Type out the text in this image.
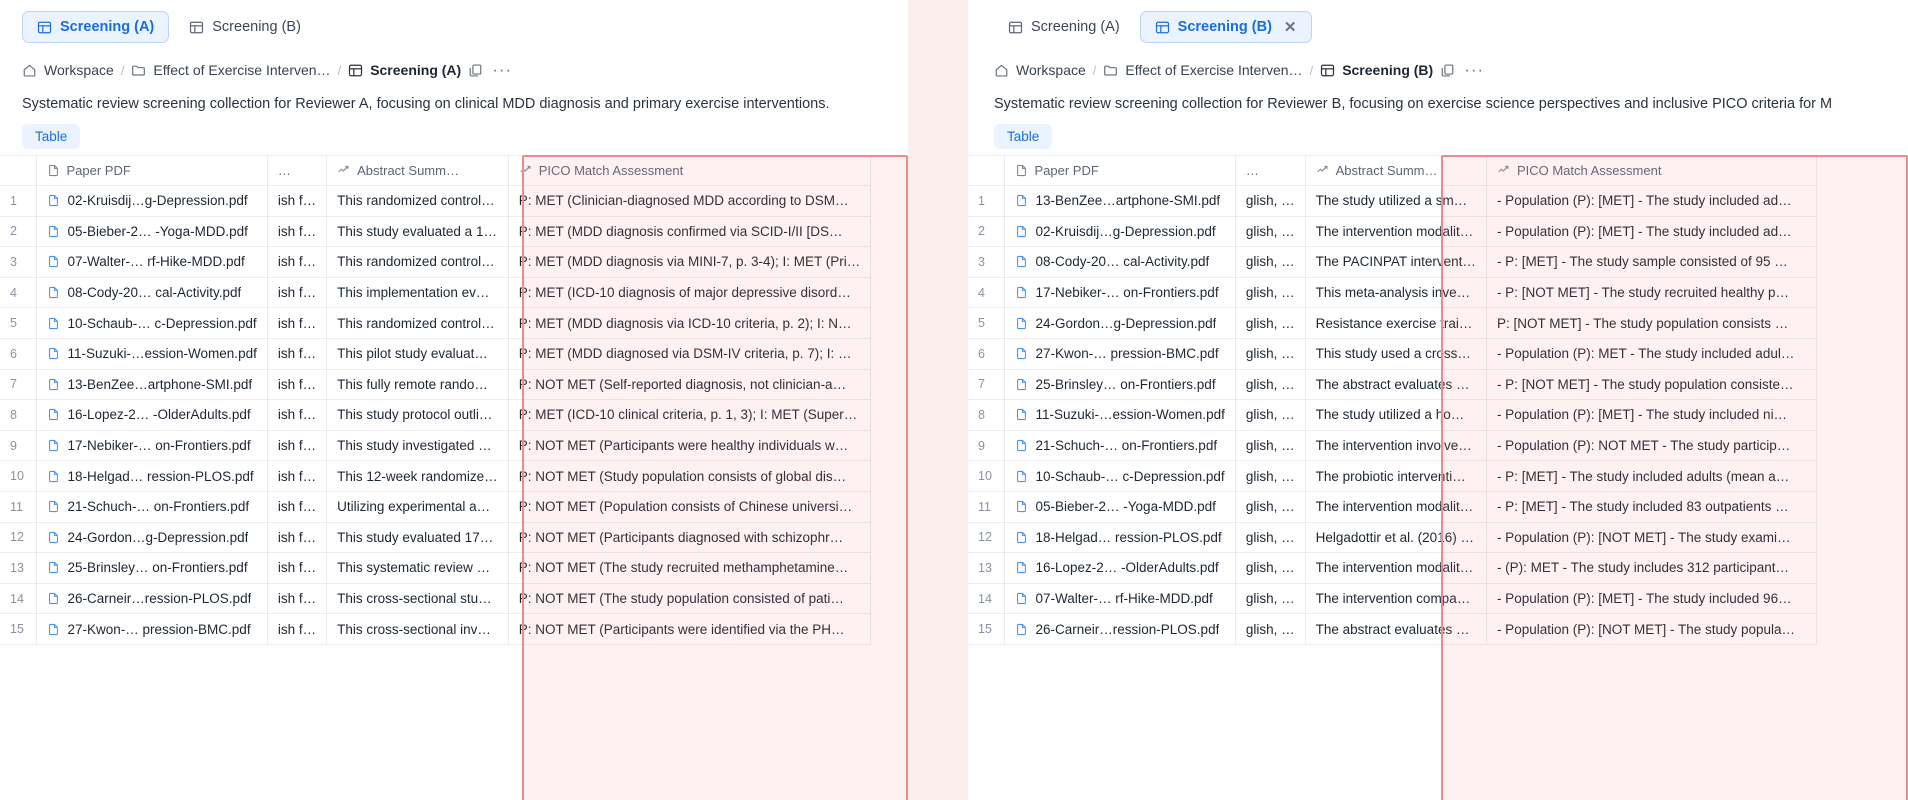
Screening (A)	Screening (B)
Workspace / Effect of Exercise Interven… / Screening (A) ···
Systematic review screening collection for Reviewer A, focusing on clinical MDD diagnosis and primary exercise interventions.
Table

	Paper PDF	…	Abstract Summ…	PICO Match Assessment

1	02-Kruisdij…g-Depression.pdf	ish f…	This randomized control…	P: MET (Clinician-diagnosed MDD according to DSM…
2	05-Bieber-2… -Yoga-MDD.pdf	ish f…	This study evaluated a 1…	P: MET (MDD diagnosis confirmed via SCID-I/II [DS…
3	07-Walter-… rf-Hike-MDD.pdf	ish f…	This randomized control…	P: MET (MDD diagnosis via MINI-7, p. 3-4); I: MET (Pri…
4	08-Cody-20… cal-Activity.pdf	ish f…	This implementation ev…	P: MET (ICD-10 diagnosis of major depressive disord…
5	10-Schaub-… c-Depression.pdf	ish f…	This randomized control…	P: MET (MDD diagnosis via ICD-10 criteria, p. 2); I: N…
6	11-Suzuki-…ession-Women.pdf	ish f…	This pilot study evaluat…	P: MET (MDD diagnosed via DSM-IV criteria, p. 7); I: …
7	13-BenZee…artphone-SMI.pdf	ish f…	This fully remote rando…	P: NOT MET (Self-reported diagnosis, not clinician-a…
8	16-Lopez-2… -OlderAdults.pdf	ish f…	This study protocol outli…	P: MET (ICD-10 clinical criteria, p. 1, 3); I: MET (Super…
9	17-Nebiker-… on-Frontiers.pdf	ish f…	This study investigated …	P: NOT MET (Participants were healthy individuals w…
10	18-Helgad… ression-PLOS.pdf	ish f…	This 12-week randomize…	P: NOT MET (Study population consists of global dis…
11	21-Schuch-… on-Frontiers.pdf	ish f…	Utilizing experimental a…	P: NOT MET (Population consists of Chinese universi…
12	24-Gordon…g-Depression.pdf	ish f…	This study evaluated 17…	P: NOT MET (Participants diagnosed with schizophr…
13	25-Brinsley… on-Frontiers.pdf	ish f…	This systematic review …	P: NOT MET (The study recruited methamphetamine…
14	26-Carneir…ression-PLOS.pdf	ish f…	This cross-sectional stu…	P: NOT MET (The study population consisted of pati…
15	27-Kwon-… pression-BMC.pdf	ish f…	This cross-sectional inv…	P: NOT MET (Participants were identified via the PH…
Screening (A)	Screening (B) ✕
Workspace / Effect of Exercise Interven… / Screening (B) ···
Systematic review screening collection for Reviewer B, focusing on exercise science perspectives and inclusive PICO criteria for M
Table

	Paper PDF	…	Abstract Summ…	PICO Match Assessment

1	13-BenZee…artphone-SMI.pdf	glish, …	The study utilized a sm…	- Population (P): [MET] - The study included ad…
2	02-Kruisdij…g-Depression.pdf	glish, …	The intervention modalit…	- Population (P): [MET] - The study included ad…
3	08-Cody-20… cal-Activity.pdf	glish, …	The PACINPAT intervent…	- P: [MET] - The study sample consisted of 95 …
4	17-Nebiker-… on-Frontiers.pdf	glish, …	This meta-analysis inve…	- P: [NOT MET] - The study recruited healthy p…
5	24-Gordon…g-Depression.pdf	glish, …	Resistance exercise trai…	P: [NOT MET] - The study population consists …
6	27-Kwon-… pression-BMC.pdf	glish, …	This study used a cross…	- Population (P): MET - The study included adul…
7	25-Brinsley… on-Frontiers.pdf	glish, …	The abstract evaluates …	- P: [NOT MET] - The study population consiste…
8	11-Suzuki-…ession-Women.pdf	glish, …	The study utilized a ho…	- Population (P): [MET] - The study included ni…
9	21-Schuch-… on-Frontiers.pdf	glish, …	The intervention involve…	- Population (P): NOT MET - The study particip…
10	10-Schaub-… c-Depression.pdf	glish, …	The probiotic interventi…	- P: [MET] - The study included adults (mean a…
11	05-Bieber-2… -Yoga-MDD.pdf	glish, …	The intervention modalit…	- P: [MET] - The study included 83 outpatients …
12	18-Helgad… ression-PLOS.pdf	glish, …	Helgadottir et al. (2016) …	- Population (P): [NOT MET] - The study exami…
13	16-Lopez-2… -OlderAdults.pdf	glish, …	The intervention modalit…	- (P): MET - The study includes 312 participant…
14	07-Walter-… rf-Hike-MDD.pdf	glish, …	The intervention compa…	- Population (P): [MET] - The study included 96…
15	26-Carneir…ression-PLOS.pdf	glish, …	The abstract evaluates …	- Population (P): [NOT MET] - The study popula…
